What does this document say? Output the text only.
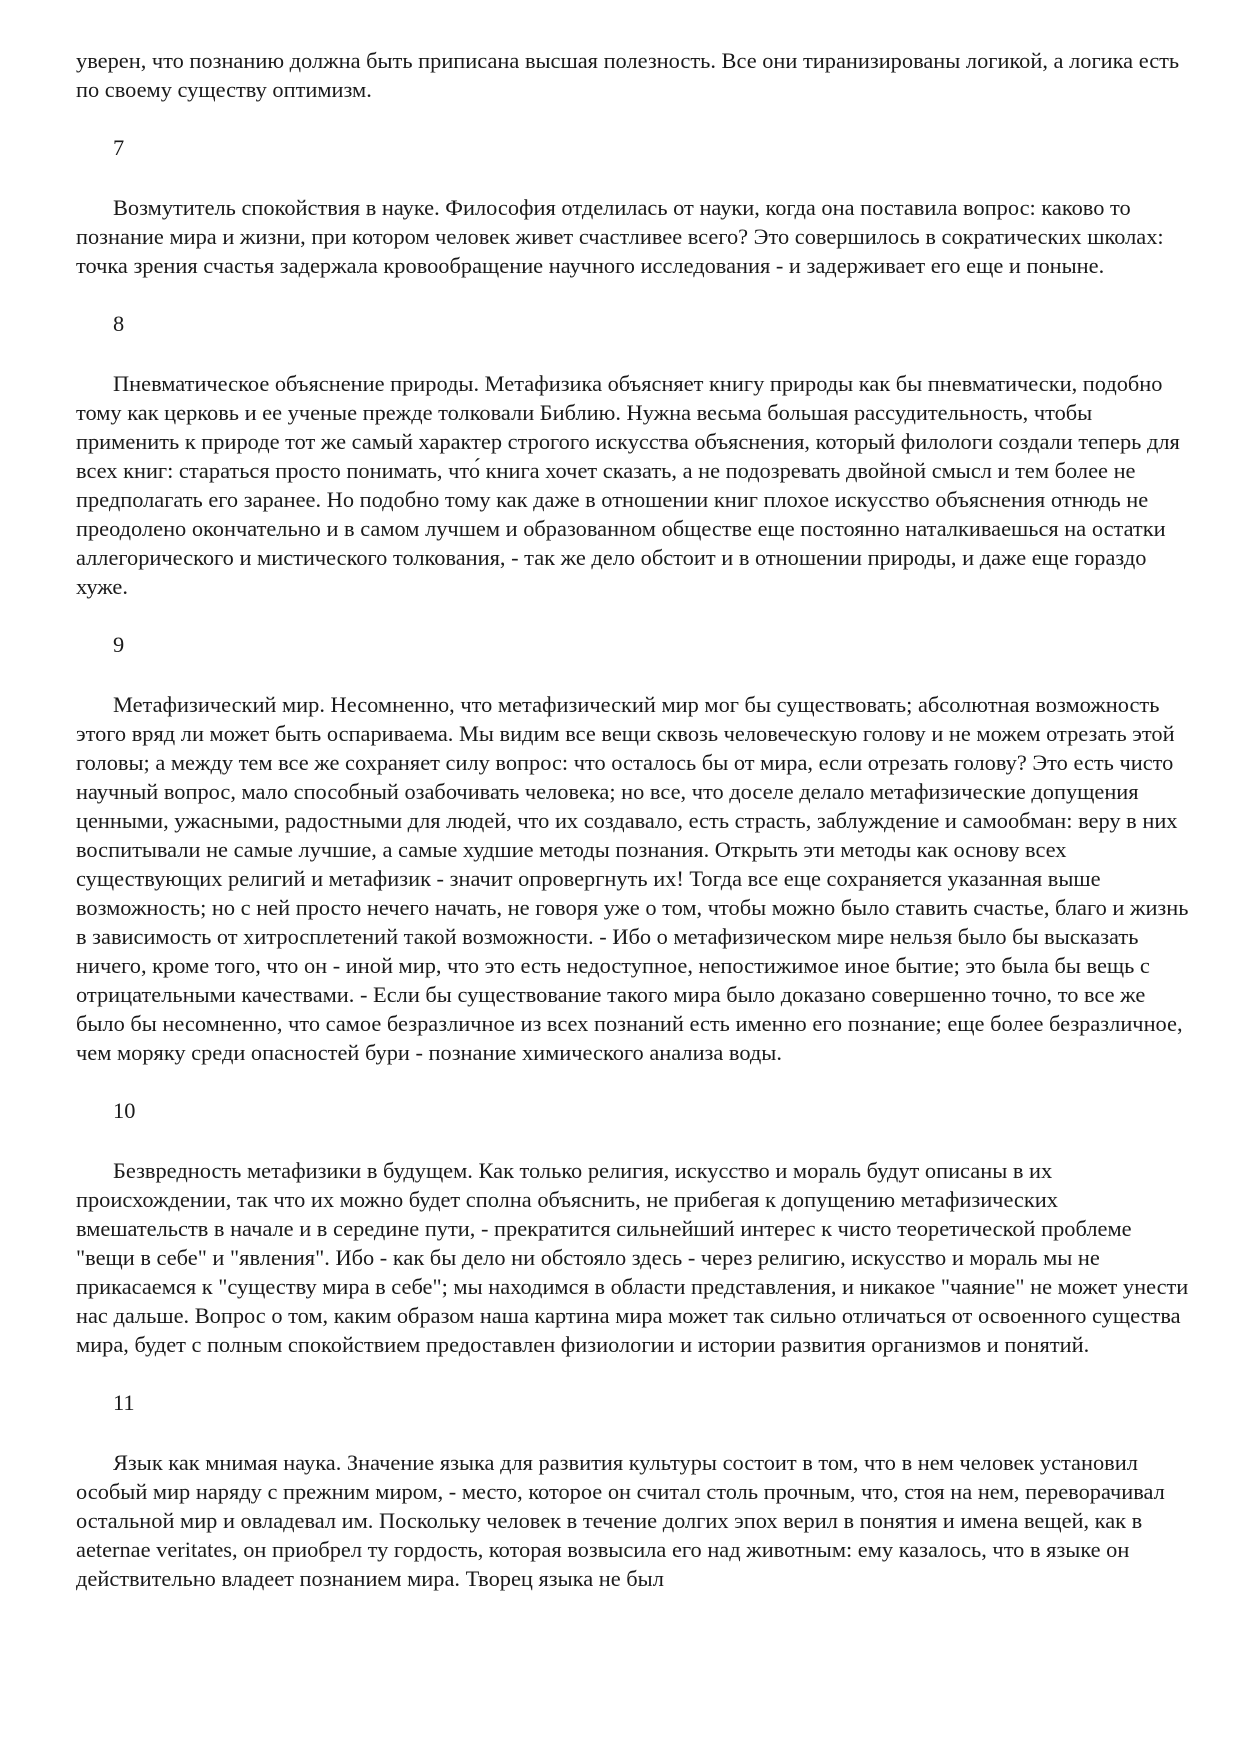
уверен, что познанию должна быть приписана высшая полезность. Все они тиранизированы логикой, а логика есть по своему существу оптимизм.

7

Возмутитель спокойствия в науке. Философия отделилась от науки, когда она поставила вопрос: каково то познание мира и жизни, при котором человек живет счастливее всего? Это совершилось в сократических школах: точка зрения счастья задержала кровообращение научного исследования - и задерживает его еще и поныне.

8

Пневматическое объяснение природы. Метафизика объясняет книгу природы как бы пневматически, подобно тому как церковь и ее ученые прежде толковали Библию. Нужна весьма большая рассудительность, чтобы применить к природе тот же самый характер строгого искусства объяснения, который филологи создали теперь для всех книг: стараться просто понимать, что́ книга хочет сказать, а не подозревать двойной смысл и тем более не предполагать его заранее. Но подобно тому как даже в отношении книг плохое искусство объяснения отнюдь не преодолено окончательно и в самом лучшем и образованном обществе еще постоянно наталкиваешься на остатки аллегорического и мистического толкования, - так же дело обстоит и в отношении природы, и даже еще гораздо хуже.

9

Метафизический мир. Несомненно, что метафизический мир мог бы существовать; абсолютная возможность этого вряд ли может быть оспариваема. Мы видим все вещи сквозь человеческую голову и не можем отрезать этой головы; а между тем все же сохраняет силу вопрос: что осталось бы от мира, если отрезать голову? Это есть чисто научный вопрос, мало способный озабочивать человека; но все, что доселе делало метафизические допущения ценными, ужасными, радостными для людей, что их создавало, есть страсть, заблуждение и самообман: веру в них воспитывали не самые лучшие, а самые худшие методы познания. Открыть эти методы как основу всех существующих религий и метафизик - значит опровергнуть их! Тогда все еще сохраняется указанная выше возможность; но с ней просто нечего начать, не говоря уже о том, чтобы можно было ставить счастье, благо и жизнь в зависимость от хитросплетений такой возможности. - Ибо о метафизическом мире нельзя было бы высказать ничего, кроме того, что он - иной мир, что это есть недоступное, непостижимое иное бытие; это была бы вещь с отрицательными качествами. - Если бы существование такого мира было доказано совершенно точно, то все же было бы несомненно, что самое безразличное из всех познаний есть именно его познание; еще более безразличное, чем моряку среди опасностей бури - познание химического анализа воды.

10

Безвредность метафизики в будущем. Как только религия, искусство и мораль будут описаны в их происхождении, так что их можно будет сполна объяснить, не прибегая к допущению метафизических вмешательств в начале и в середине пути, - прекратится сильнейший интерес к чисто теоретической проблеме "вещи в себе" и "явления". Ибо - как бы дело ни обстояло здесь - через религию, искусство и мораль мы не прикасаемся к "существу мира в себе"; мы находимся в области представления, и никакое "чаяние" не может унести нас дальше. Вопрос о том, каким образом наша картина мира может так сильно отличаться от освоенного существа мира, будет с полным спокойствием предоставлен физиологии и истории развития организмов и понятий.

11

Язык как мнимая наука. Значение языка для развития культуры состоит в том, что в нем человек установил особый мир наряду с прежним миром, - место, которое он считал столь прочным, что, стоя на нем, переворачивал остальной мир и овладевал им. Поскольку человек в течение долгих эпох верил в понятия и имена вещей, как в aeternae veritates, он приобрел ту гордость, которая возвысила его над животным: ему казалось, что в языке он действительно владеет познанием мира. Творец языка не был
